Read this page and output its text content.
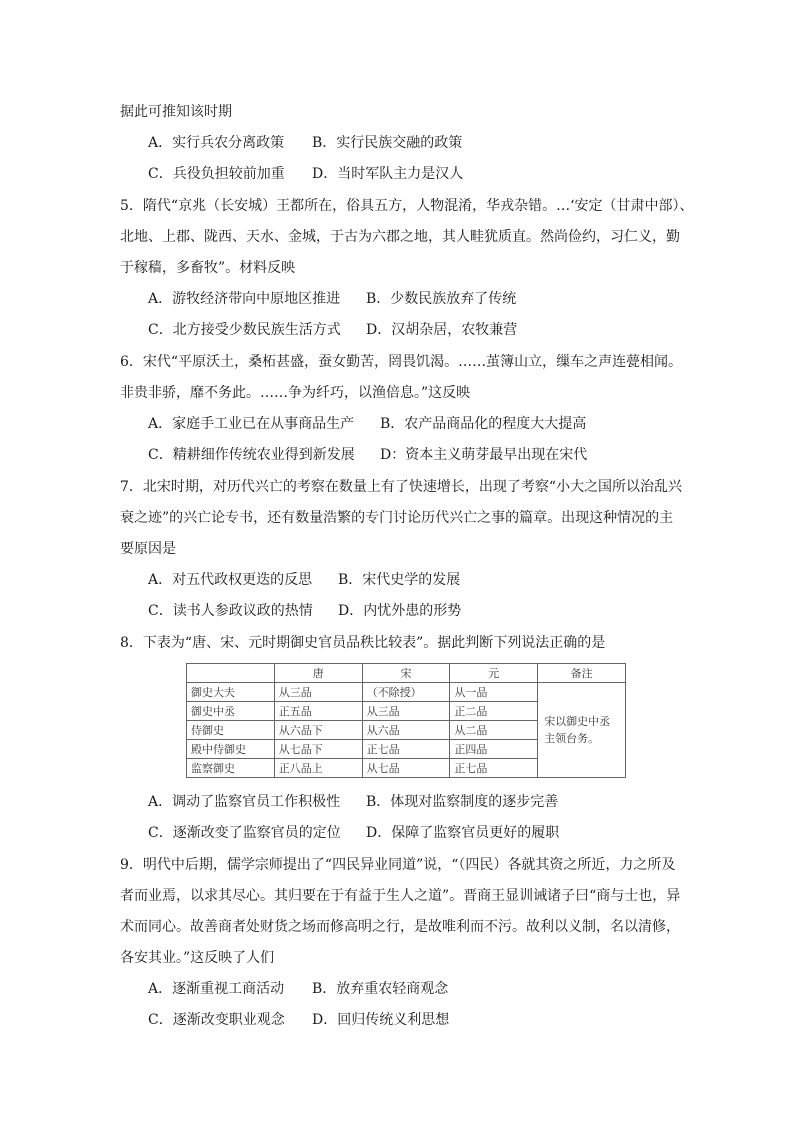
据此可推知该时期
A．实行兵农分离政策 B．实行民族交融的政策
C．兵役负担较前加重 D．当时军队主力是汉人
5．隋代“京兆（长安城）王都所在，俗具五方，人物混淆，华戎杂错。…‘安定（甘肃中部）、
北地、上郡、陇西、天水、金城，于古为六郡之地，其人畦犹质直。然尚俭约，习仁义，勤
于稼穑，多畜牧”。材料反映
A．游牧经济带向中原地区推进 B．少数民族放弃了传统
C．北方接受少数民族生活方式 D．汉胡杂居，农牧兼营
6．宋代“平原沃土，桑柘甚盛，蚕女勤苦，罔畏饥渴。……茧簿山立，缫车之声连甍相闻。
非贵非骄，靡不务此。……争为纤巧，以渔倍息。”这反映
A．家庭手工业已在从事商品生产 B．农产品商品化的程度大大提高
C．精耕细作传统农业得到新发展 D：资本主义萌芽最早出现在宋代
7．北宋时期，对历代兴亡的考察在数量上有了快速增长，出现了考察“小大之国所以治乱兴
衰之迹”的兴亡论专书，还有数量浩繁的专门讨论历代兴亡之事的篇章。出现这种情况的主
要原因是
A．对五代政权更迭的反思 B．宋代史学的发展
C．读书人参政议政的热情 D．内忧外患的形势
8．下表为“唐、宋、元时期御史官员品秩比较表”。据此判断下列说法正确的是
	唐	宋	元	备注
御史大夫	从三品	（不除授）	从一品	宋以御史中丞主领台务。
御史中丞	正五品	从三品	正二品	
侍御史	从六品下	从六品	从二品	
殿中侍御史	从七品下	正七品	正四品	
监察御史	正八品上	从七品	正七品	
A．调动了监察官员工作积极性 B．体现对监察制度的逐步完善
C．逐渐改变了监察官员的定位 D．保障了监察官员更好的履职
9．明代中后期，儒学宗师提出了“四民异业同道”说，“（四民）各就其资之所近，力之所及
者而业焉，以求其尽心。其归要在于有益于生人之道”。晋商王显训诫诸子曰“商与士也，异
术而同心。故善商者处财货之场而修高明之行，是故唯利而不污。故利以义制，名以清修，
各安其业。”这反映了人们
A．逐渐重视工商活动 B．放弃重农轻商观念
C．逐渐改变职业观念 D．回归传统义利思想
